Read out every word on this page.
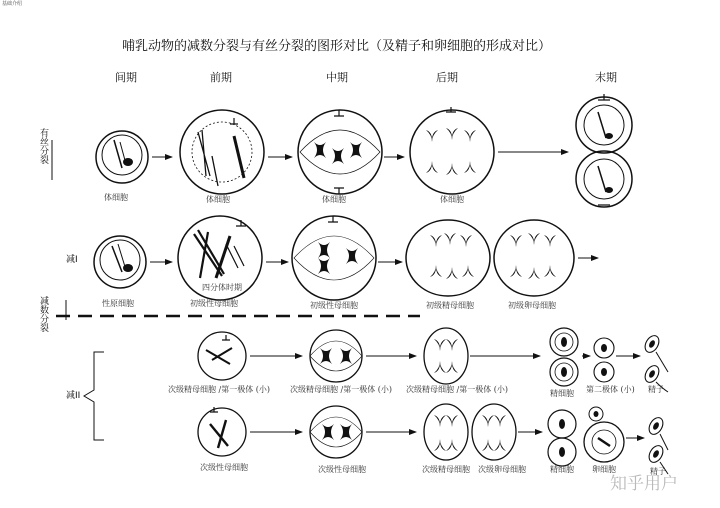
基础介绍
哺乳动物的减数分裂与有丝分裂的图形对比（及精子和卵细胞的形成对比）
间期	前期	中期	后期	末期
有丝分裂
减数分裂
减I
减II
体细胞	体细胞	体细胞	体细胞
性原细胞
四分体时期
初级性母细胞	初级性母细胞	初级精母细胞	初级卵母细胞
次级精母细胞 /第一极体 (小) 次级精母细胞 /第一极体 (小) 次级精母细胞 /第一极体 (小)	精细胞 第二极体 (小) 精子
次级性母细胞	次级性母细胞	次级精母细胞 次级卵母细胞	精细胞 卵细胞	精子
知乎用户
